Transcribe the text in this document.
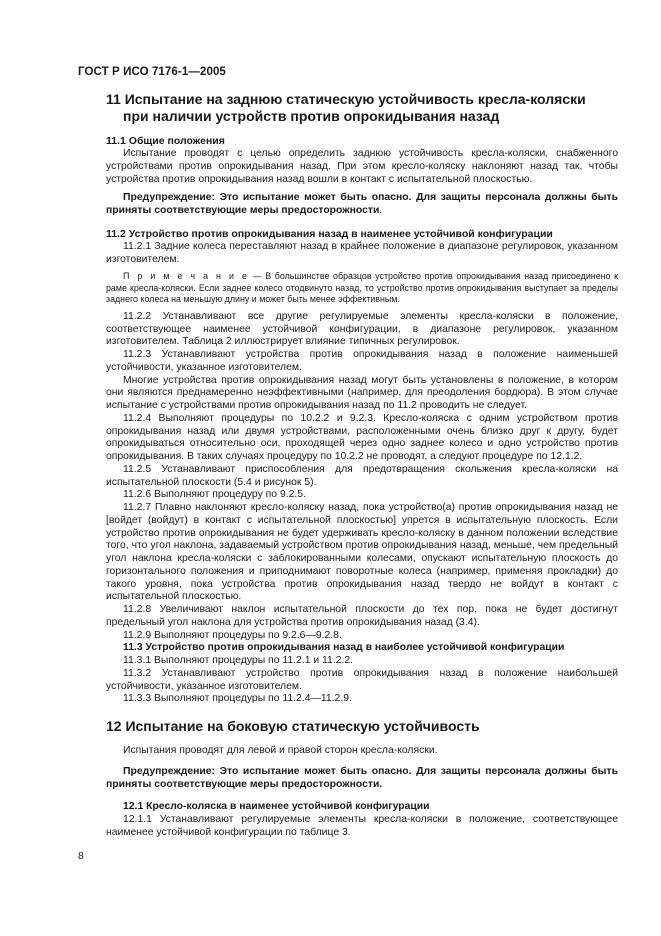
ГОСТ Р ИСО 7176-1—2005
11 Испытание на заднюю статическую устойчивость кресла-коляски
при наличии устройств против опрокидывания назад
11.1 Общие положения

Испытание проводят с целью определить заднюю устойчивость кресла-коляски, снабженного устройствами против опрокидывания назад. При этом кресло-коляску наклоняют назад так, чтобы устройства против опрокидывания назад вошли в контакт с испытательной плоскостью.

Предупреждение: Это испытание может быть опасно. Для защиты персонала должны быть приняты соответствующие меры предосторожности.

11.2 Устройство против опрокидывания назад в наименее устойчивой конфигурации

11.2.1 Задние колеса переставляют назад в крайнее положение в диапазоне регулировок, указанном изготовителем.

П р и м е ч а н и е — В большинстве образцов устройство против опрокидывания назад присоединено к раме кресла-коляски. Если заднее колесо отодвинуто назад, то устройство против опрокидывания выступает за пределы заднего колеса на меньшую длину и может быть менее эффективным.

11.2.2 Устанавливают все другие регулируемые элементы кресла-коляски в положение, соответствующее наименее устойчивой конфигурации, в диапазоне регулировок, указанном изготовителем. Таблица 2 иллюстрирует влияние типичных регулировок.

11.2.3 Устанавливают устройства против опрокидывания назад в положение наименьшей устойчивости, указанное изготовителем.

Многие устройства против опрокидывания назад могут быть установлены в положение, в котором они являются преднамеренно неэффективными (например, для преодоления бордюра). В этом случае испытание с устройствами против опрокидывания назад по 11.2 проводить не следует.

11.2.4 Выполняют процедуры по 10.2.2 и 9.2.3. Кресло-коляска с одним устройством против опрокидывания назад или двумя устройствами, расположенными очень близко друг к другу, будет опрокидываться относительно оси, проходящей через одно заднее колесо и одно устройство против опрокидывания. В таких случаях процедуру по 10.2.2 не проводят, а следуют процедуре по 12.1.2.

11.2.5 Устанавливают приспособления для предотвращения скольжения кресла-коляски на испытательной плоскости (5.4 и рисунок 5).

11.2.6 Выполняют процедуру по 9.2.5.

11.2.7 Плавно наклоняют кресло-коляску назад, пока устройство(а) против опрокидывания назад не [войдет (войдут) в контакт с испытательной плоскостью] упрется в испытательную плоскость. Если устройство против опрокидывания не будет удерживать кресло-коляску в данном положении вследствие того, что угол наклона, задаваемый устройством против опрокидывания назад, меньше, чем предельный угол наклона кресла-коляски с заблокированными колесами, опускают испытательную плоскость до горизонтального положения и приподнимают поворотные колеса (например, применяя прокладки) до такого уровня, пока устройства против опрокидывания назад твердо не войдут в контакт с испытательной плоскостью.

11.2.8 Увеличивают наклон испытательной плоскости до тех пор, пока не будет достигнут предельный угол наклона для устройства против опрокидывания назад (3.4).

11.2.9 Выполняют процедуры по 9.2.6—9.2.8.

11.3 Устройство против опрокидывания назад в наиболее устойчивой конфигурации

11.3.1 Выполняют процедуры по 11.2.1 и 11.2.2.

11.3.2 Устанавливают устройство против опрокидывания назад в положение наибольшей устойчивости, указанное изготовителем.

11.3.3 Выполняют процедуры по 11.2.4—11.2.9.

12 Испытание на боковую статическую устойчивость

Испытания проводят для левой и правой сторон кресла-коляски.

Предупреждение: Это испытание может быть опасно. Для защиты персонала должны быть приняты соответствующие меры предосторожности.

12.1 Кресло-коляска в наименее устойчивой конфигурации

12.1.1 Устанавливают регулируемые элементы кресла-коляски в положение, соответствующее наименее устойчивой конфигурации по таблице 3.

8
